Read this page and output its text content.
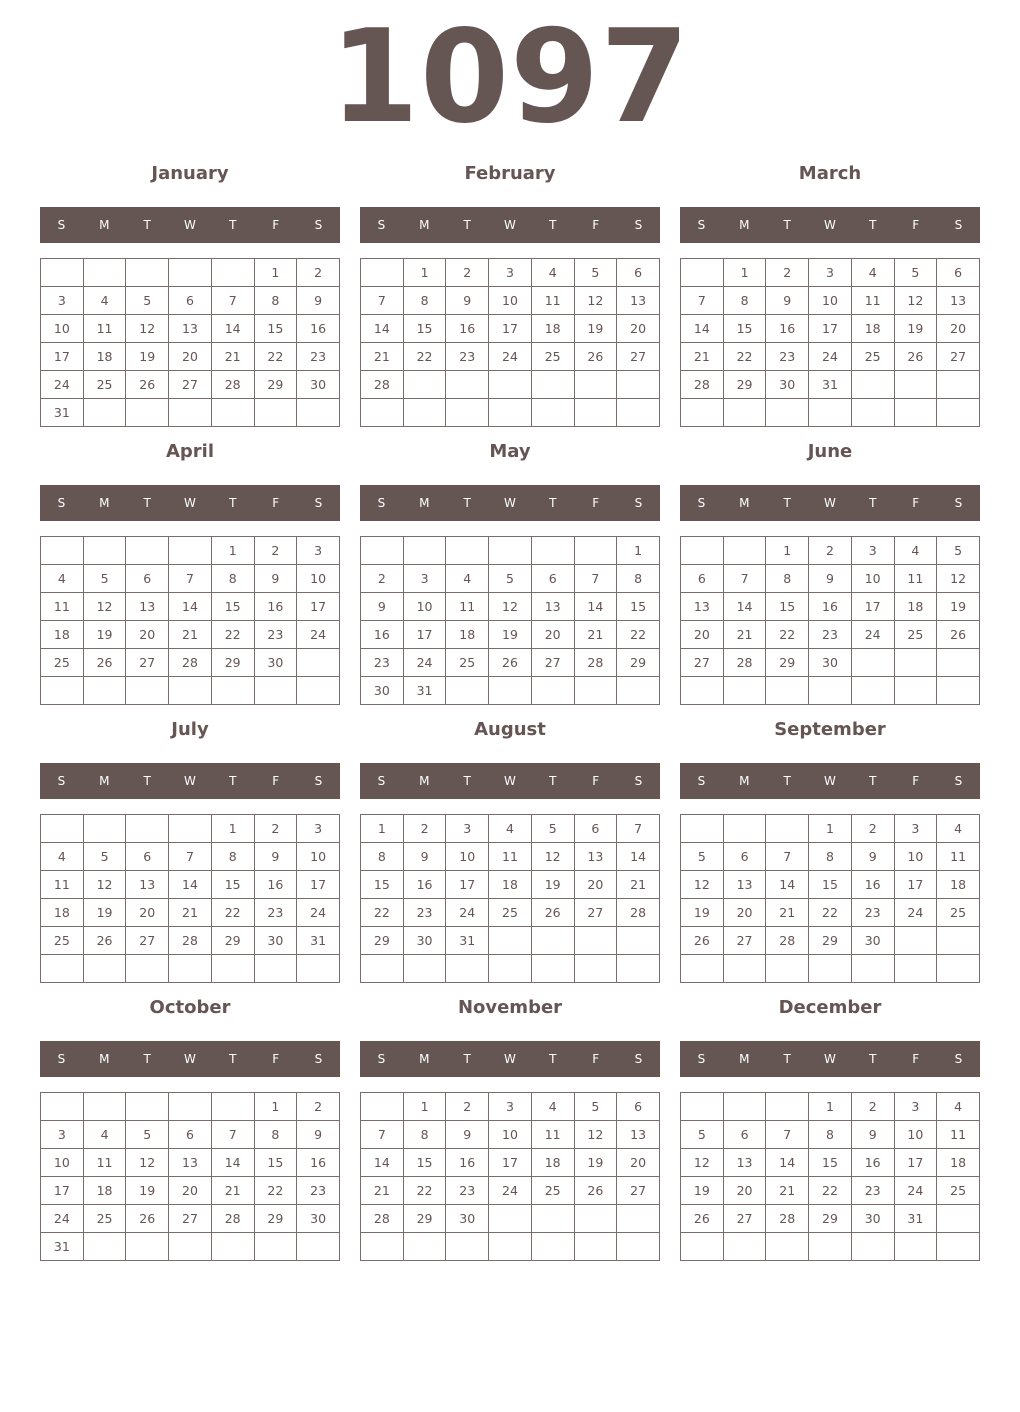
1097
January
S	M	T	W	T	F	S
					1	2
3	4	5	6	7	8	9
10	11	12	13	14	15	16
17	18	19	20	21	22	23
24	25	26	27	28	29	30
31						
February
S	M	T	W	T	F	S
	1	2	3	4	5	6
7	8	9	10	11	12	13
14	15	16	17	18	19	20
21	22	23	24	25	26	27
28						

March
S	M	T	W	T	F	S
	1	2	3	4	5	6
7	8	9	10	11	12	13
14	15	16	17	18	19	20
21	22	23	24	25	26	27
28	29	30	31			

April
S	M	T	W	T	F	S
				1	2	3
4	5	6	7	8	9	10
11	12	13	14	15	16	17
18	19	20	21	22	23	24
25	26	27	28	29	30	

May
S	M	T	W	T	F	S
						1
2	3	4	5	6	7	8
9	10	11	12	13	14	15
16	17	18	19	20	21	22
23	24	25	26	27	28	29
30	31					
June
S	M	T	W	T	F	S
		1	2	3	4	5
6	7	8	9	10	11	12
13	14	15	16	17	18	19
20	21	22	23	24	25	26
27	28	29	30			

July
S	M	T	W	T	F	S
				1	2	3
4	5	6	7	8	9	10
11	12	13	14	15	16	17
18	19	20	21	22	23	24
25	26	27	28	29	30	31

August
S	M	T	W	T	F	S
1	2	3	4	5	6	7
8	9	10	11	12	13	14
15	16	17	18	19	20	21
22	23	24	25	26	27	28
29	30	31				

September
S	M	T	W	T	F	S
			1	2	3	4
5	6	7	8	9	10	11
12	13	14	15	16	17	18
19	20	21	22	23	24	25
26	27	28	29	30		

October
S	M	T	W	T	F	S
					1	2
3	4	5	6	7	8	9
10	11	12	13	14	15	16
17	18	19	20	21	22	23
24	25	26	27	28	29	30
31						
November
S	M	T	W	T	F	S
	1	2	3	4	5	6
7	8	9	10	11	12	13
14	15	16	17	18	19	20
21	22	23	24	25	26	27
28	29	30				

December
S	M	T	W	T	F	S
			1	2	3	4
5	6	7	8	9	10	11
12	13	14	15	16	17	18
19	20	21	22	23	24	25
26	27	28	29	30	31	
